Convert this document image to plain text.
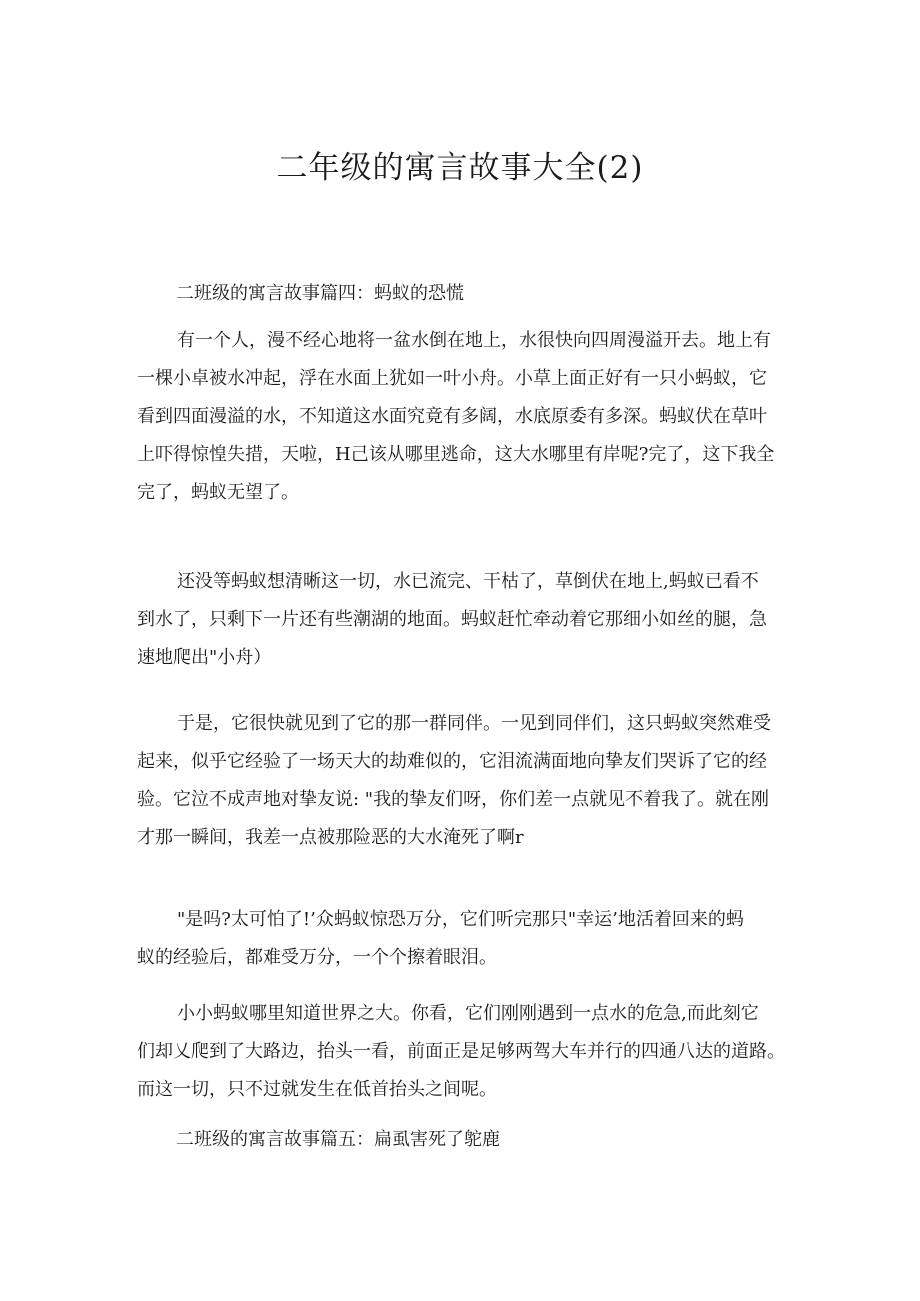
二年级的寓言故事大全(2)
二班级的寓言故事篇四：蚂蚁的恐慌
有一个人，漫不经心地将一盆水倒在地上，水很快向四周漫溢开去。地上有
一棵小卓被水冲起，浮在水面上犹如一叶小舟。小草上面正好有一只小蚂蚁，它
看到四面漫溢的水，不知道这水面究竟有多阔，水底原委有多深。蚂蚁伏在草叶
上吓得惊惶失措，天啦，H己该从哪里逃命，这大水哪里有岸呢?完了，这下我全
完了，蚂蚁无望了。
还没等蚂蚁想清晰这一切，水已流完、干枯了，草倒伏在地上,蚂蚁已看不
到水了，只剩下一片还有些潮湖的地面。蚂蚁赶忙牵动着它那细小如丝的腿，急
速地爬出"小舟）
于是，它很快就见到了它的那一群同伴。一见到同伴们，这只蚂蚁突然难受
起来，似乎它经验了一场天大的劫难似的，它泪流满面地向挚友们哭诉了它的经
验。它泣不成声地对挚友说: "我的挚友们呀，你们差一点就见不着我了。就在刚
才那一瞬间，我差一点被那险恶的大水淹死了啊r
"是吗?太可怕了!’众蚂蚁惊恐万分，它们听完那只"幸运’地活着回来的蚂
蚁的经验后，都难受万分，一个个擦着眼泪。
小小蚂蚁哪里知道世界之大。你看，它们刚刚遇到一点水的危急,而此刻它
们却乂爬到了大路边，抬头一看，前面正是足够两驾大车并行的四通八达的道路。
而这一切，只不过就发生在低首抬头之间呢。
二班级的寓言故事篇五：扁虱害死了鸵鹿
